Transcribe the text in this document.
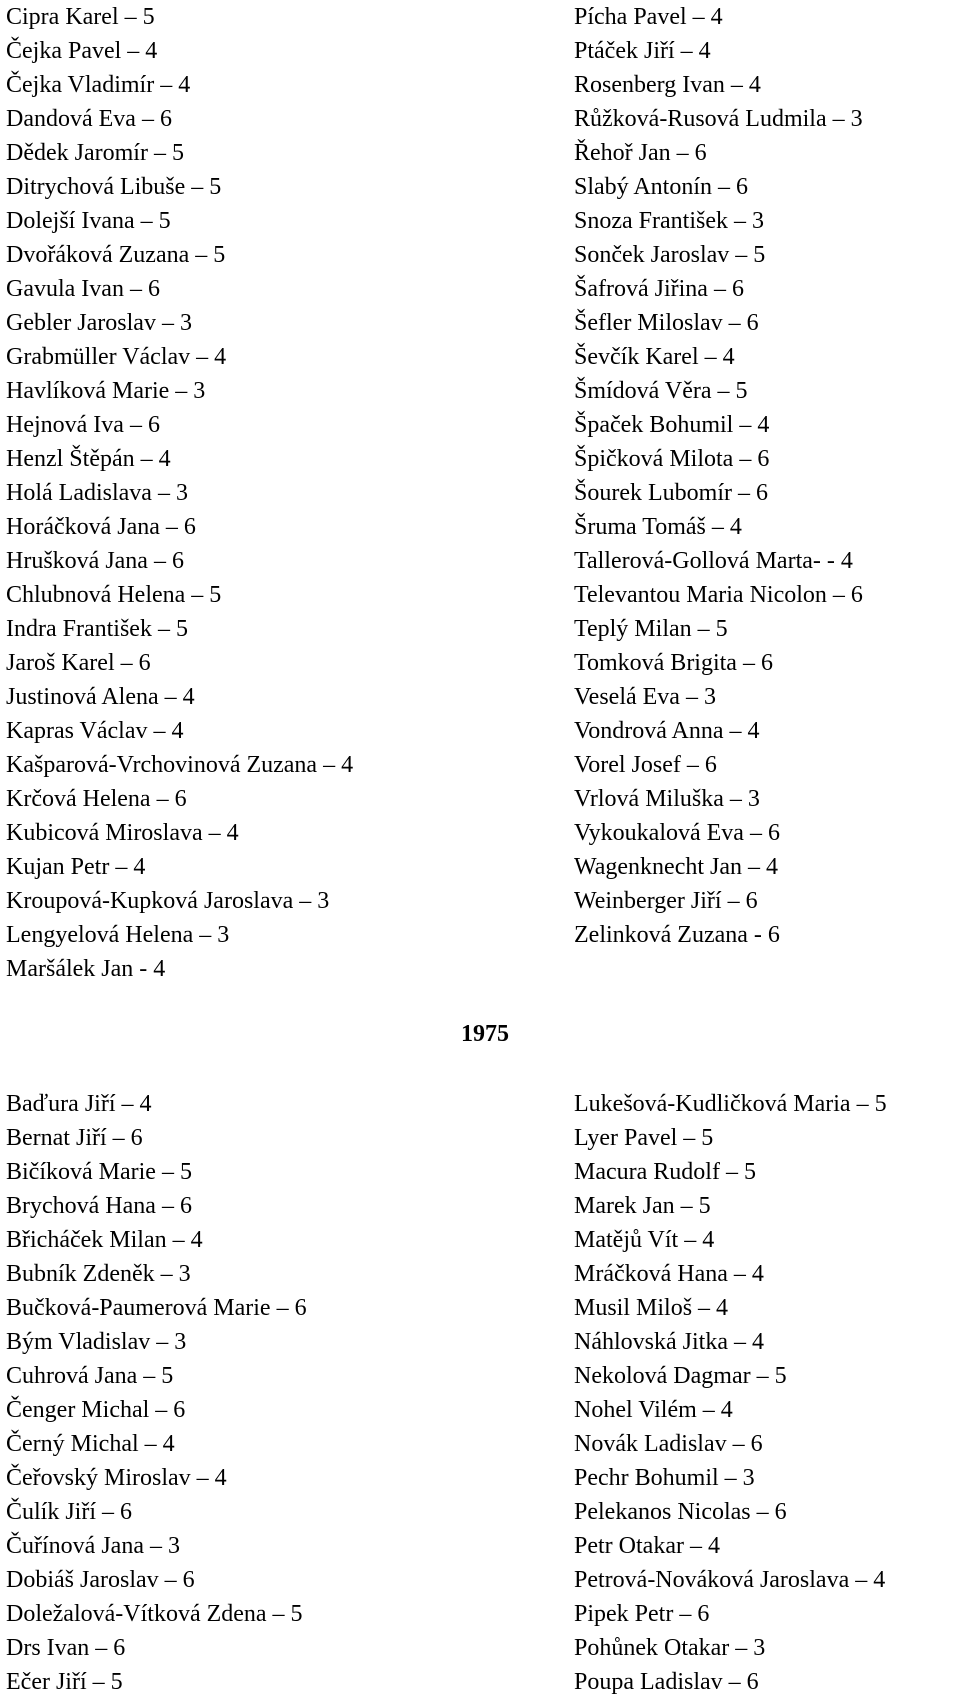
Cipra Karel – 5
Čejka Pavel – 4
Čejka Vladimír – 4
Dandová Eva – 6
Dědek Jaromír – 5
Ditrychová Libuše – 5
Dolejší Ivana – 5
Dvořáková Zuzana – 5
Gavula Ivan – 6
Gebler Jaroslav – 3
Grabmüller Václav – 4
Havlíková Marie – 3
Hejnová Iva – 6
Henzl Štěpán – 4
Holá Ladislava – 3
Horáčková Jana – 6
Hrušková Jana – 6
Chlubnová Helena – 5
Indra František – 5
Jaroš Karel – 6
Justinová Alena – 4
Kapras Václav – 4
Kašparová-Vrchovinová Zuzana – 4
Krčová Helena – 6
Kubicová Miroslava – 4
Kujan Petr – 4
Kroupová-Kupková Jaroslava – 3
Lengyelová Helena – 3
Maršálek Jan - 4
Pícha Pavel – 4
Ptáček Jiří – 4
Rosenberg Ivan – 4
Růžková-Rusová Ludmila – 3
Řehoř Jan – 6
Slabý Antonín – 6
Snoza František – 3
Sonček Jaroslav – 5
Šafrová Jiřina – 6
Šefler Miloslav – 6
Ševčík Karel – 4
Šmídová Věra – 5
Špaček Bohumil – 4
Špičková Milota – 6
Šourek Lubomír – 6
Šruma Tomáš – 4
Tallerová-Gollová Marta- - 4
Televantou Maria Nicolon – 6
Teplý Milan – 5
Tomková Brigita – 6
Veselá Eva – 3
Vondrová Anna – 4
Vorel Josef – 6
Vrlová Miluška – 3
Vykoukalová Eva – 6
Wagenknecht Jan – 4
Weinberger Jiří – 6
Zelinková Zuzana - 6
1975
Baďura Jiří – 4
Bernat Jiří – 6
Bičíková Marie – 5
Brychová Hana – 6
Břicháček Milan – 4
Bubník Zdeněk – 3
Bučková-Paumerová Marie – 6
Bým Vladislav – 3
Cuhrová Jana – 5
Čenger Michal – 6
Černý Michal – 4
Čeřovský Miroslav – 4
Čulík Jiří – 6
Čuřínová Jana – 3
Dobiáš Jaroslav – 6
Doležalová-Vítková Zdena – 5
Drs Ivan – 6
Ečer Jiří – 5
Lukešová-Kudličková Maria – 5
Lyer Pavel – 5
Macura Rudolf – 5
Marek Jan – 5
Matějů Vít – 4
Mráčková Hana – 4
Musil Miloš – 4
Náhlovská Jitka – 4
Nekolová Dagmar – 5
Nohel Vilém – 4
Novák Ladislav – 6
Pechr Bohumil – 3
Pelekanos Nicolas – 6
Petr Otakar – 4
Petrová-Nováková Jaroslava – 4
Pipek Petr – 6
Pohůnek Otakar – 3
Poupa Ladislav – 6
